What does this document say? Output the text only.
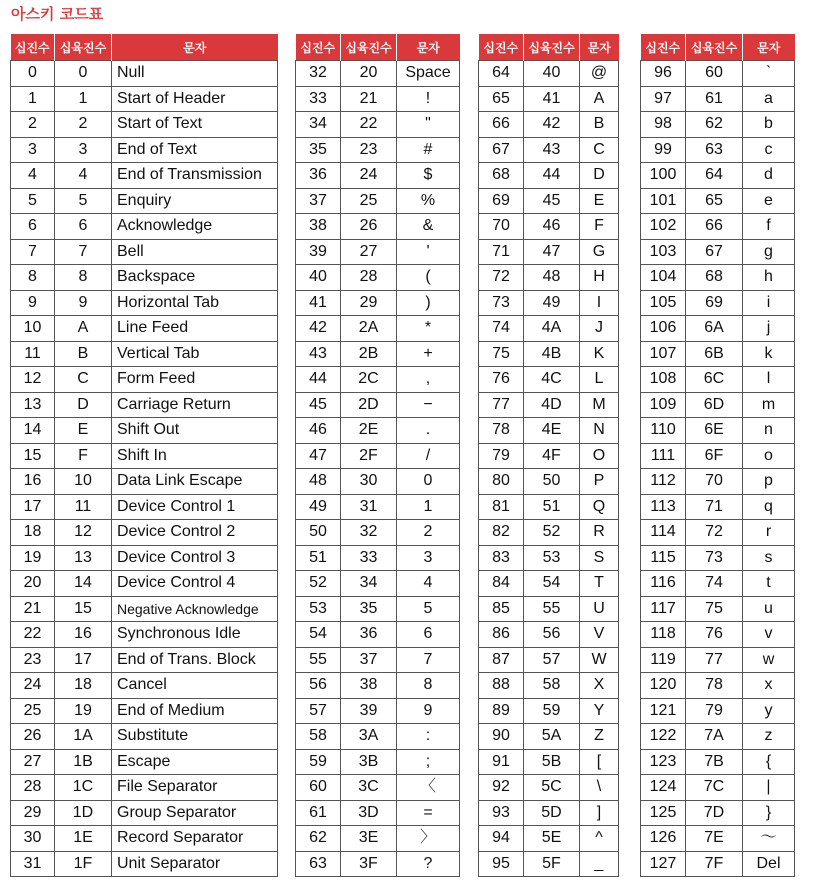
아스키 코드표
십진수	십육진수	문자
0	0	Null
1	1	Start of Header
2	2	Start of Text
3	3	End of Text
4	4	End of Transmission
5	5	Enquiry
6	6	Acknowledge
7	7	Bell
8	8	Backspace
9	9	Horizontal Tab
10	A	Line Feed
11	B	Vertical Tab
12	C	Form Feed
13	D	Carriage Return
14	E	Shift Out
15	F	Shift In
16	10	Data Link Escape
17	11	Device Control 1
18	12	Device Control 2
19	13	Device Control 3
20	14	Device Control 4
21	15	Negative Acknowledge
22	16	Synchronous Idle
23	17	End of Trans. Block
24	18	Cancel
25	19	End of Medium
26	1A	Substitute
27	1B	Escape
28	1C	File Separator
29	1D	Group Separator
30	1E	Record Separator
31	1F	Unit Separator
십진수	십육진수	문자
32	20	Space
33	21	!
34	22	"
35	23	#
36	24	$
37	25	%
38	26	&
39	27	'
40	28	(
41	29	)
42	2A	*
43	2B	+
44	2C	,
45	2D	−
46	2E	.
47	2F	/
48	30	0
49	31	1
50	32	2
51	33	3
52	34	4
53	35	5
54	36	6
55	37	7
56	38	8
57	39	9
58	3A	:
59	3B	;
60	3C	〈
61	3D	=
62	3E	〉
63	3F	?
십진수	십육진수	문자
64	40	@
65	41	A
66	42	B
67	43	C
68	44	D
69	45	E
70	46	F
71	47	G
72	48	H
73	49	I
74	4A	J
75	4B	K
76	4C	L
77	4D	M
78	4E	N
79	4F	O
80	50	P
81	51	Q
82	52	R
83	53	S
84	54	T
85	55	U
86	56	V
87	57	W
88	58	X
89	59	Y
90	5A	Z
91	5B	[
92	5C	\
93	5D	]
94	5E	^
95	5F	_
십진수	십육진수	문자
96	60	`
97	61	a
98	62	b
99	63	c
100	64	d
101	65	e
102	66	f
103	67	g
104	68	h
105	69	i
106	6A	j
107	6B	k
108	6C	l
109	6D	m
110	6E	n
111	6F	o
112	70	p
113	71	q
114	72	r
115	73	s
116	74	t
117	75	u
118	76	v
119	77	w
120	78	x
121	79	y
122	7A	z
123	7B	{
124	7C	|
125	7D	}
126	7E	～
127	7F	Del
